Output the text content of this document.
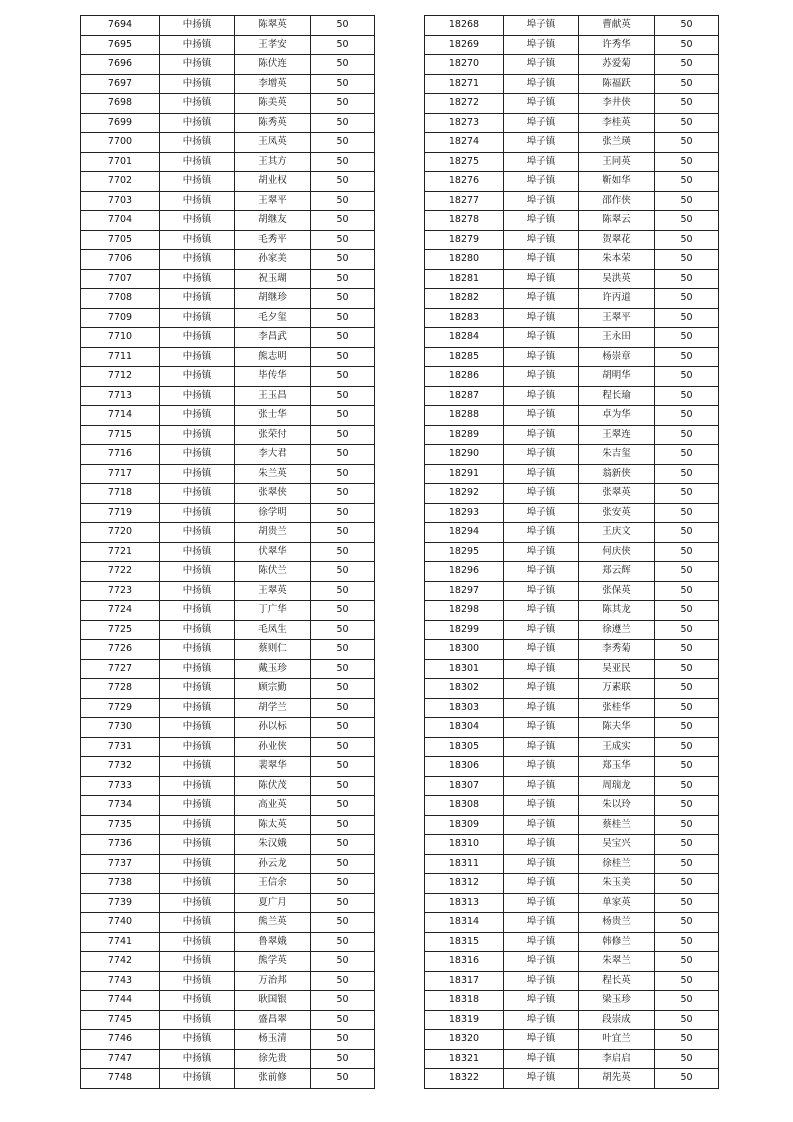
7694	中扬镇	陈翠英	50
7695	中扬镇	王孝安	50
7696	中扬镇	陈伏连	50
7697	中扬镇	李增英	50
7698	中扬镇	陈美英	50
7699	中扬镇	陈秀英	50
7700	中扬镇	王凤英	50
7701	中扬镇	王其方	50
7702	中扬镇	胡业权	50
7703	中扬镇	王翠平	50
7704	中扬镇	胡继友	50
7705	中扬镇	毛秀平	50
7706	中扬镇	孙家美	50
7707	中扬镇	祝玉瑚	50
7708	中扬镇	胡继珍	50
7709	中扬镇	毛夕玺	50
7710	中扬镇	李昌武	50
7711	中扬镇	熊志明	50
7712	中扬镇	毕传华	50
7713	中扬镇	王玉昌	50
7714	中扬镇	张士华	50
7715	中扬镇	张荣付	50
7716	中扬镇	李大君	50
7717	中扬镇	朱兰英	50
7718	中扬镇	张翠侠	50
7719	中扬镇	徐学明	50
7720	中扬镇	胡贵兰	50
7721	中扬镇	伏翠华	50
7722	中扬镇	陈伏兰	50
7723	中扬镇	王翠英	50
7724	中扬镇	丁广华	50
7725	中扬镇	毛凤生	50
7726	中扬镇	蔡则仁	50
7727	中扬镇	戴玉珍	50
7728	中扬镇	顾宗勤	50
7729	中扬镇	胡学兰	50
7730	中扬镇	孙以标	50
7731	中扬镇	孙业侠	50
7732	中扬镇	裴翠华	50
7733	中扬镇	陈伏茂	50
7734	中扬镇	高业英	50
7735	中扬镇	陈太英	50
7736	中扬镇	朱汉娥	50
7737	中扬镇	孙云龙	50
7738	中扬镇	王信余	50
7739	中扬镇	夏广月	50
7740	中扬镇	熊兰英	50
7741	中扬镇	鲁翠娥	50
7742	中扬镇	熊学英	50
7743	中扬镇	万治邦	50
7744	中扬镇	耿国银	50
7745	中扬镇	盛昌翠	50
7746	中扬镇	杨玉清	50
7747	中扬镇	徐先贵	50
7748	中扬镇	张前修	50
18268	埠子镇	曹献英	50
18269	埠子镇	许秀华	50
18270	埠子镇	苏爱菊	50
18271	埠子镇	陈福跃	50
18272	埠子镇	李井侠	50
18273	埠子镇	李桂英	50
18274	埠子镇	张兰瑛	50
18275	埠子镇	王同英	50
18276	埠子镇	靳如华	50
18277	埠子镇	邵作侠	50
18278	埠子镇	陈翠云	50
18279	埠子镇	贺翠花	50
18280	埠子镇	朱本荣	50
18281	埠子镇	吴洪英	50
18282	埠子镇	许丙道	50
18283	埠子镇	王翠平	50
18284	埠子镇	王永田	50
18285	埠子镇	杨崇章	50
18286	埠子镇	胡明华	50
18287	埠子镇	程长瑜	50
18288	埠子镇	卓为华	50
18289	埠子镇	王翠连	50
18290	埠子镇	朱吉玺	50
18291	埠子镇	翁新侠	50
18292	埠子镇	张翠英	50
18293	埠子镇	张安英	50
18294	埠子镇	王庆文	50
18295	埠子镇	何庆侠	50
18296	埠子镇	郑云辉	50
18297	埠子镇	张保英	50
18298	埠子镇	陈其龙	50
18299	埠子镇	徐遵兰	50
18300	埠子镇	李秀菊	50
18301	埠子镇	吴亚民	50
18302	埠子镇	万素联	50
18303	埠子镇	张桂华	50
18304	埠子镇	陈夫华	50
18305	埠子镇	王成实	50
18306	埠子镇	郑玉华	50
18307	埠子镇	周瑞龙	50
18308	埠子镇	朱以玲	50
18309	埠子镇	蔡桂兰	50
18310	埠子镇	吴宝兴	50
18311	埠子镇	徐桂兰	50
18312	埠子镇	朱玉美	50
18313	埠子镇	单家英	50
18314	埠子镇	杨贵兰	50
18315	埠子镇	韩修兰	50
18316	埠子镇	朱翠兰	50
18317	埠子镇	程长英	50
18318	埠子镇	梁玉珍	50
18319	埠子镇	段崇成	50
18320	埠子镇	叶宜兰	50
18321	埠子镇	李启启	50
18322	埠子镇	胡先英	50
